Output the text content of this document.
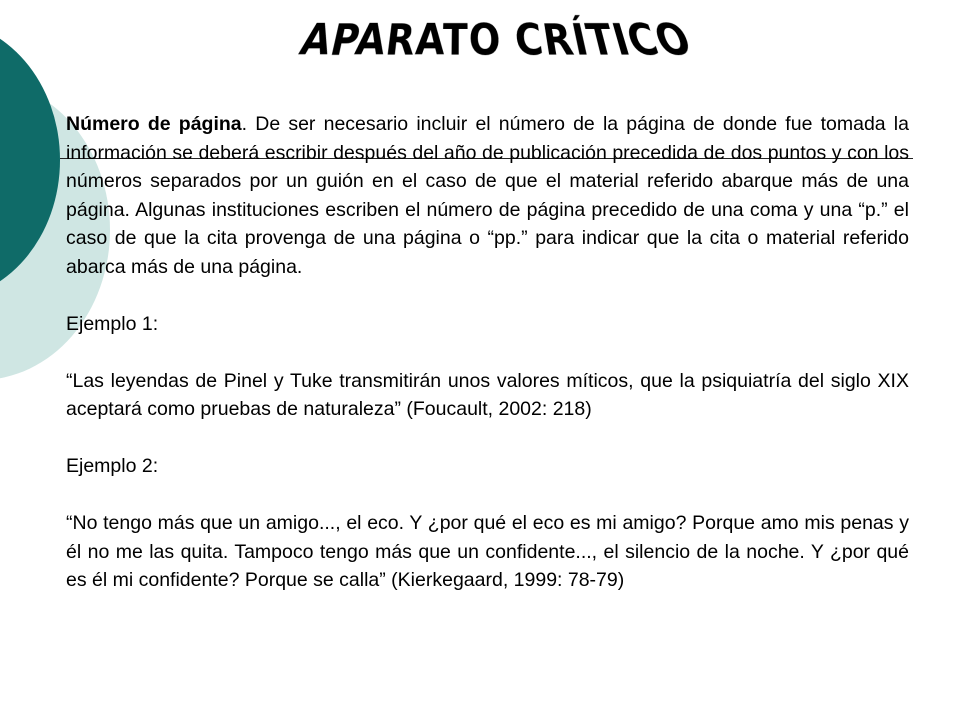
APARATO CRÍTICO

Número de página. De ser necesario incluir el número de la página de donde fue tomada la información se deberá escribir después del año de publicación precedida de dos puntos y con los números separados por un guión en el caso de que el material referido abarque más de una página. Algunas instituciones escriben el número de página precedido de una coma y una “p.” el caso de que la cita provenga de una página o “pp.” para indicar que la cita o material referido abarca más de una página.

Ejemplo 1:

“Las leyendas de Pinel y Tuke transmitirán unos valores míticos, que la psiquiatría del siglo XIX aceptará como pruebas de naturaleza” (Foucault, 2002: 218)

Ejemplo 2:

“No tengo más que un amigo..., el eco. Y ¿por qué el eco es mi amigo? Porque amo mis penas y él no me las quita. Tampoco tengo más que un confidente..., el silencio de la noche. Y ¿por qué es él mi confidente? Porque se calla” (Kierkegaard, 1999: 78-79)
